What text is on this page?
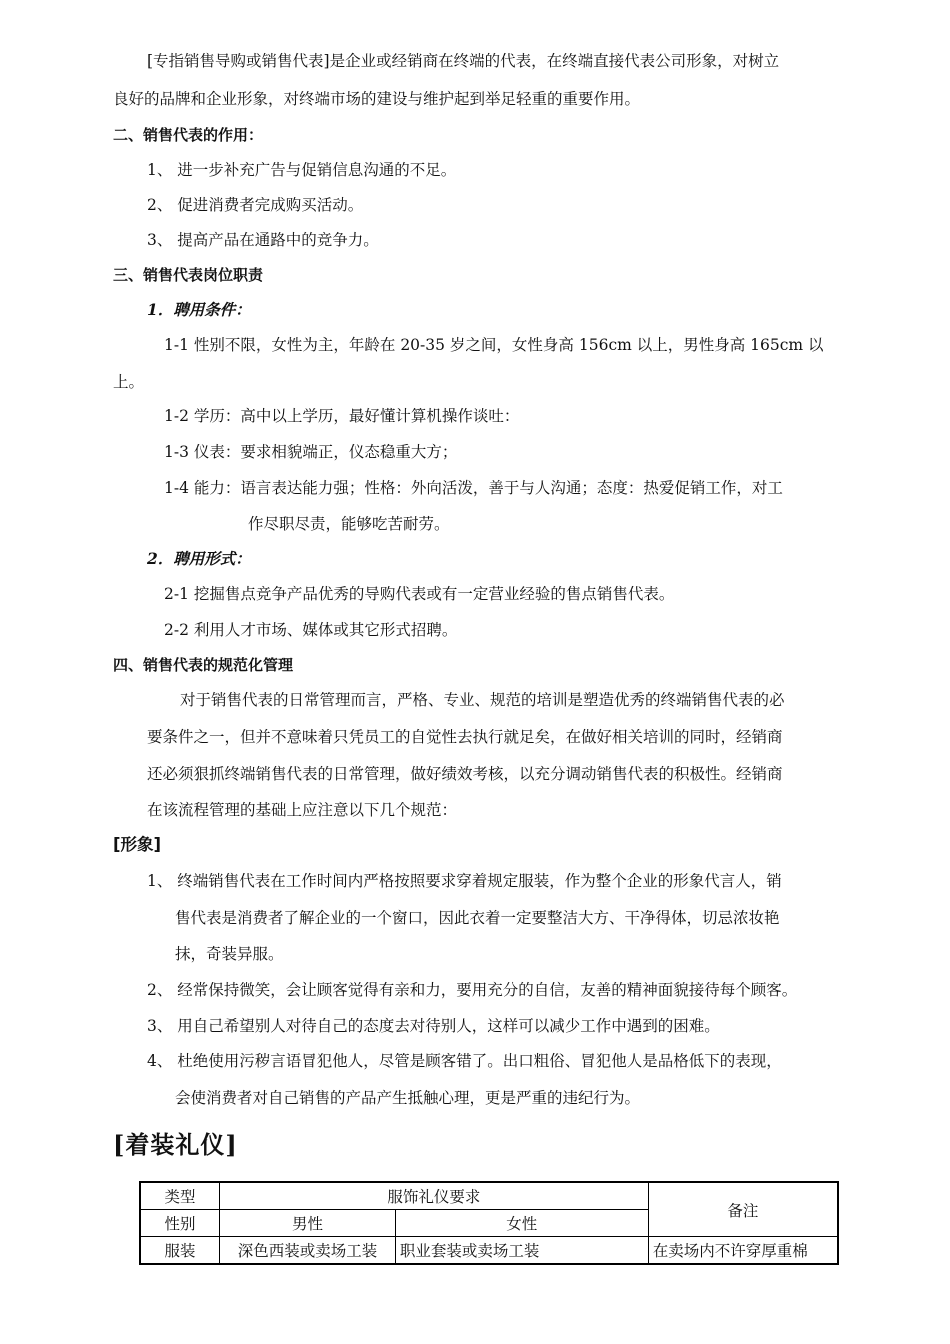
[专指销售导购或销售代表]是企业或经销商在终端的代表，在终端直接代表公司形象，对树立
良好的品牌和企业形象，对终端市场的建设与维护起到举足轻重的重要作用。
二、销售代表的作用：
1、 进一步补充广告与促销信息沟通的不足。
2、 促进消费者完成购买活动。
3、 提高产品在通路中的竞争力。
三、销售代表岗位职责
1．聘用条件：
1-1 性别不限，女性为主，年龄在 20-35 岁之间，女性身高 156cm 以上，男性身高 165cm 以
上。
1-2 学历：高中以上学历，最好懂计算机操作谈吐：
1-3 仪表：要求相貌端正，仪态稳重大方；
1-4 能力：语言表达能力强；性格：外向活泼，善于与人沟通；态度：热爱促销工作，对工
作尽职尽责，能够吃苦耐劳。
2．聘用形式：
2-1 挖掘售点竞争产品优秀的导购代表或有一定营业经验的售点销售代表。
2-2 利用人才市场、媒体或其它形式招聘。
四、销售代表的规范化管理
对于销售代表的日常管理而言，严格、专业、规范的培训是塑造优秀的终端销售代表的必
要条件之一，但并不意味着只凭员工的自觉性去执行就足矣，在做好相关培训的同时，经销商
还必须狠抓终端销售代表的日常管理，做好绩效考核，以充分调动销售代表的积极性。经销商
在该流程管理的基础上应注意以下几个规范：
[形象]
1、 终端销售代表在工作时间内严格按照要求穿着规定服装，作为整个企业的形象代言人，销
售代表是消费者了解企业的一个窗口，因此衣着一定要整洁大方、干净得体，切忌浓妆艳
抹，奇装异服。
2、 经常保持微笑，会让顾客觉得有亲和力，要用充分的自信，友善的精神面貌接待每个顾客。
3、 用自己希望别人对待自己的态度去对待别人，这样可以减少工作中遇到的困难。
4、 杜绝使用污秽言语冒犯他人，尽管是顾客错了。出口粗俗、冒犯他人是品格低下的表现，
会使消费者对自己销售的产品产生抵触心理，更是严重的违纪行为。
[着装礼仪]
类型	服饰礼仪要求		备注
性别	男性	女性	
服装	深色西装或卖场工装	职业套装或卖场工装	在卖场内不许穿厚重棉
